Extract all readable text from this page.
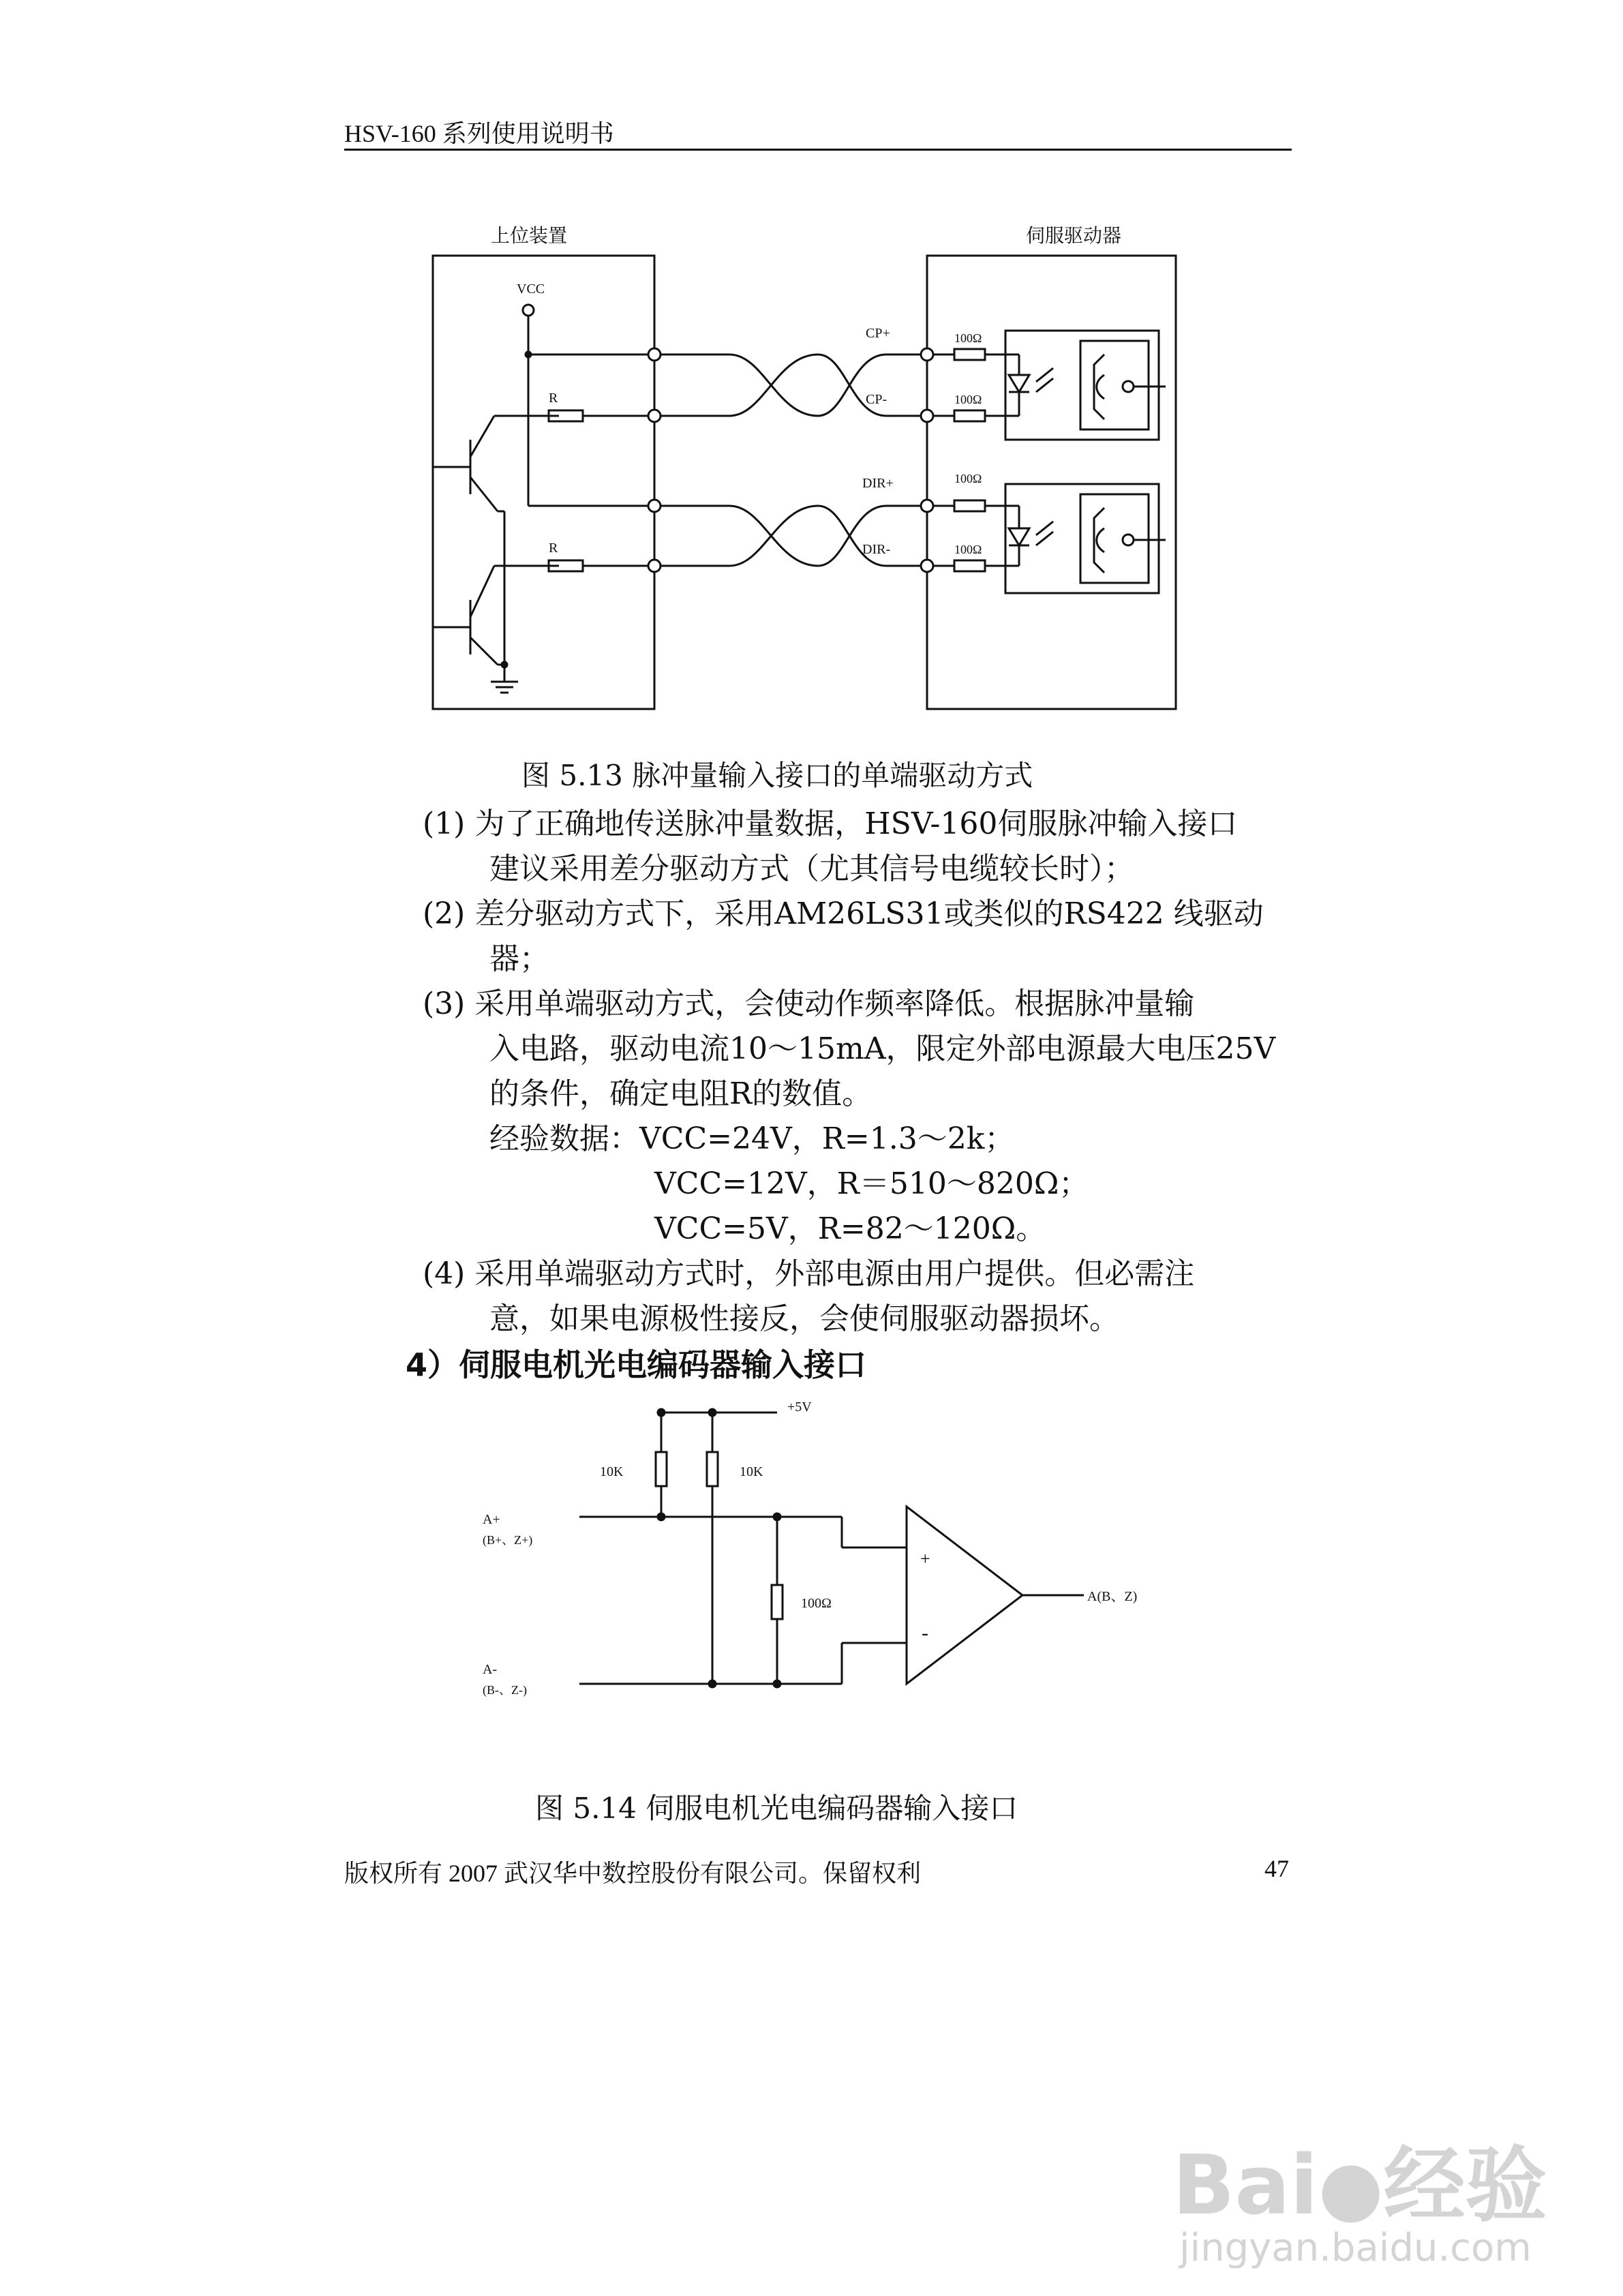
HSV-160 系列使用说明书
上位装置	伺服驱动器
VCC
R
R
CP+
CP-
DIR+
DIR-
100Ω
100Ω
100Ω
100Ω
图 5.13 脉冲量输入接口的单端驱动方式
(1) 为了正确地传送脉冲量数据，HSV-160伺服脉冲输入接口
建议采用差分驱动方式（尤其信号电缆较长时）；
(2) 差分驱动方式下，采用AM26LS31或类似的RS422 线驱动
器；
(3) 采用单端驱动方式，会使动作频率降低。根据脉冲量输
入电路，驱动电流10～15mA，限定外部电源最大电压25V
的条件，确定电阻R的数值。
经验数据：VCC=24V，R=1.3～2k；
VCC=12V，R＝510～820Ω；
VCC=5V，R=82～120Ω。
(4) 采用单端驱动方式时，外部电源由用户提供。但必需注
意，如果电源极性接反，会使伺服驱动器损坏。
4）伺服电机光电编码器输入接口
+5V
10K	10K
100Ω
A+
(B+、Z+)
A-
(B-、Z-)
+
-
A(B、Z)
图 5.14 伺服电机光电编码器输入接口
版权所有 2007 武汉华中数控股份有限公司。保留权利	47
Bai●经验
jingyan.baidu.com
